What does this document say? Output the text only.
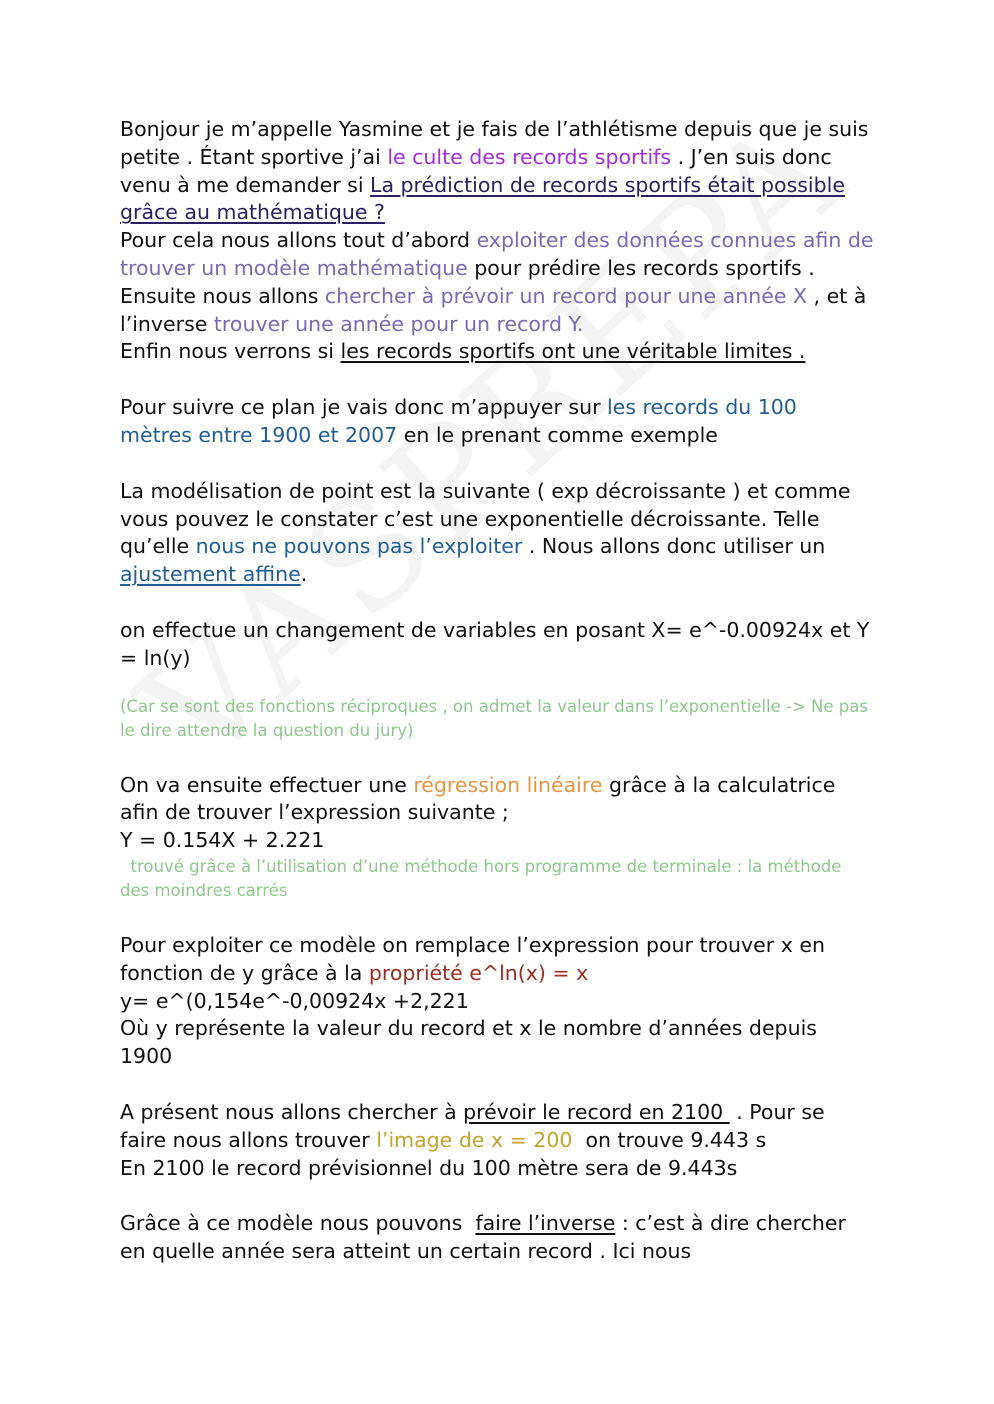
Bonjour je m’appelle Yasmine et je fais de l’athlétisme depuis que je suis petite . Étant sportive j’ai le culte des records sportifs . J’en suis donc venu à me demander si La prédiction de records sportifs était possible grâce au mathématique ?

Pour cela nous allons tout d’abord exploiter des données connues afin de trouver un modèle mathématique pour prédire les records sportifs . Ensuite nous allons chercher à prévoir un record pour une année X , et à l’inverse trouver une année pour un record Y.
Enfin nous verrons si les records sportifs ont une véritable limites .

Pour suivre ce plan je vais donc m’appuyer sur les records du 100 mètres entre 1900 et 2007 en le prenant comme exemple

La modélisation de point est la suivante ( exp décroissante ) et comme vous pouvez le constater c’est une exponentielle décroissante. Telle qu’elle nous ne pouvons pas l’exploiter . Nous allons donc utiliser un ajustement affine.

on effectue un changement de variables en posant X= e^-0.00924x et Y = ln(y)

(Car se sont des fonctions réciproques , on admet la valeur dans l’exponentielle -> Ne pas le dire attendre la question du jury)

On va ensuite effectuer une régression linéaire grâce à la calculatrice afin de trouver l’expression suivante ;
Y = 0.154X + 2.221

trouvé grâce à l’utilisation d’une méthode hors programme de terminale : la méthode des moindres carrés

Pour exploiter ce modèle on remplace l’expression pour trouver x en fonction de y grâce à la propriété e^ln(x) = x
y= e^(0,154e^-0,00924x +2,221
Où y représente la valeur du record et x le nombre d’années depuis 1900

A présent nous allons chercher à prévoir le record en 2100  . Pour se faire nous allons trouver l’image de x = 200  on trouve 9.443 s
En 2100 le record prévisionnel du 100 mètre sera de 9.443s

Grâce à ce modèle nous pouvons  faire l’inverse : c’est à dire chercher en quelle année sera atteint un certain record . Ici nous
